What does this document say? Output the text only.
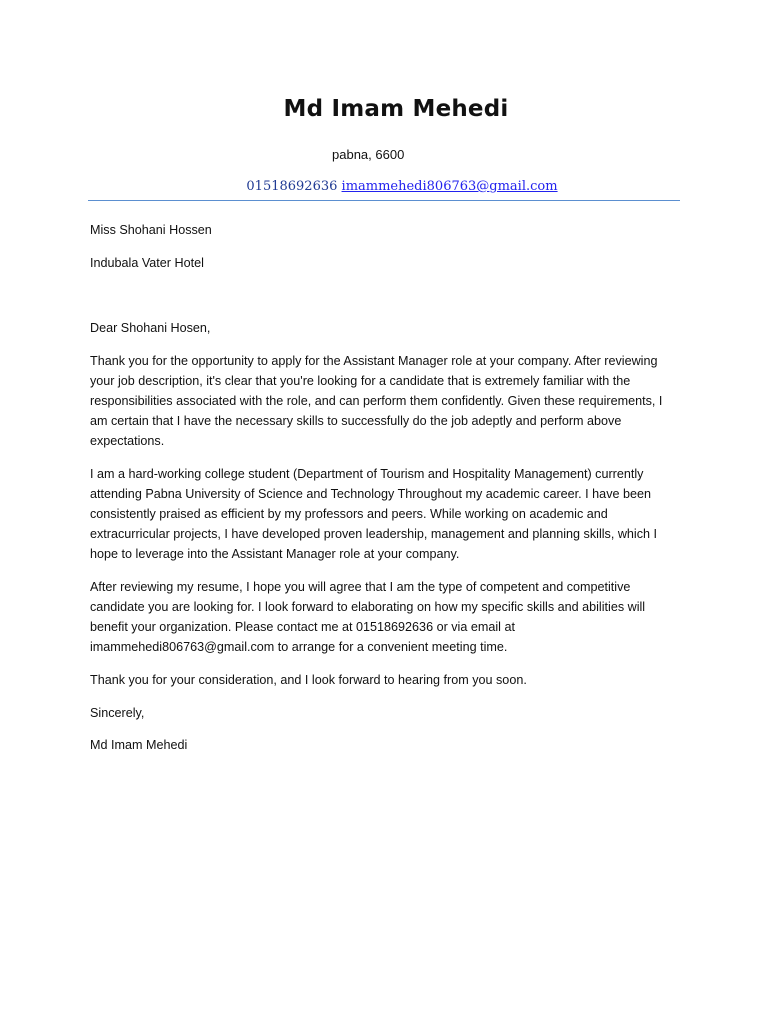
Md Imam Mehedi
pabna, 6600
01518692636 imammehedi806763@gmail.com
Miss Shohani Hossen
Indubala Vater Hotel
Dear Shohani Hosen,
Thank you for the opportunity to apply for the Assistant Manager role at your company. After reviewing
your job description, it's clear that you're looking for a candidate that is extremely familiar with the
responsibilities associated with the role, and can perform them confidently. Given these requirements, I
am certain that I have the necessary skills to successfully do the job adeptly and perform above
expectations.
I am a hard-working college student (Department of Tourism and Hospitality Management) currently
attending Pabna University of Science and Technology Throughout my academic career. I have been
consistently praised as efficient by my professors and peers. While working on academic and
extracurricular projects, I have developed proven leadership, management and planning skills, which I
hope to leverage into the Assistant Manager role at your company.
After reviewing my resume, I hope you will agree that I am the type of competent and competitive
candidate you are looking for. I look forward to elaborating on how my specific skills and abilities will
benefit your organization. Please contact me at 01518692636 or via email at
imammehedi806763@gmail.com to arrange for a convenient meeting time.
Thank you for your consideration, and I look forward to hearing from you soon.
Sincerely,
Md Imam Mehedi
